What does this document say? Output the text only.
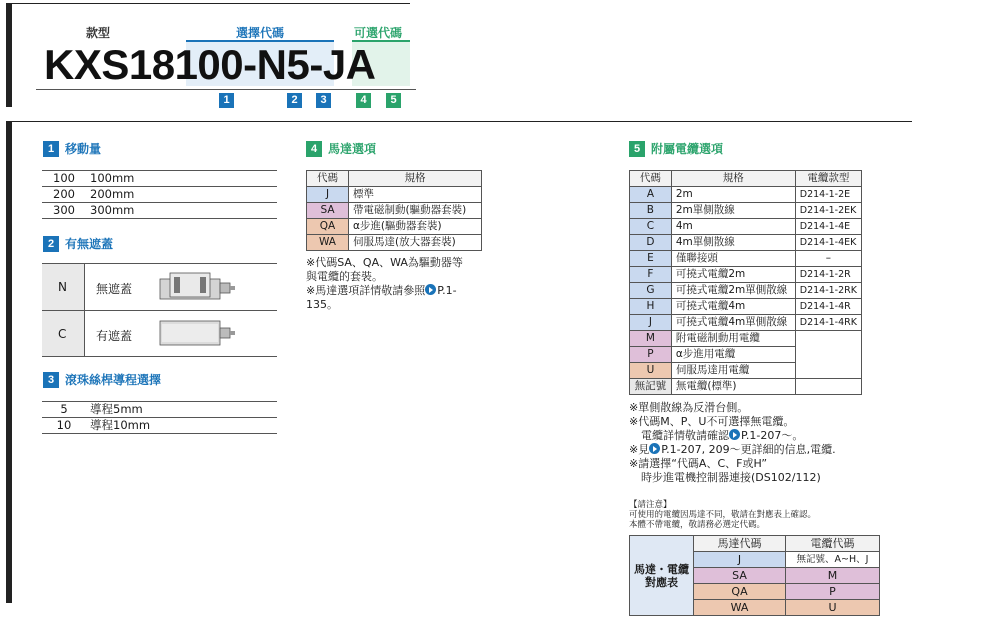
款型	選擇代碼	可選代碼
KXS18100-N5-JA
1	2	3	4	5
1 移動量
100	100mm
200	200mm
300	300mm
2 有無遮蓋
N 無遮蓋
C 有遮蓋
3 滾珠絲桿導程選擇
5	導程5mm
10	導程10mm
4 馬達選項
代碼	規格
J	標準
SA	帶電磁制動(驅動器套裝)
QA	α步進(驅動器套裝)
WA	伺服馬達(放大器套裝)
※代碼SA、QA、WA為驅動器等
與電纜的套裝。
※馬達選項詳情敬請參照 P.1-
135。
5 附屬電纜選項
代碼	規格	電纜款型
A	2m	D214-1-2E
B	2m單側散線	D214-1-2EK
C	4m	D214-1-4E
D	4m單側散線	D214-1-4EK
E	僅聯接頭	–
F	可撓式電纜2m	D214-1-2R
G	可撓式電纜2m單側散線	D214-1-2RK
H	可撓式電纜4m	D214-1-4R
J	可撓式電纜4m單側散線	D214-1-4RK
M	附電磁制動用電纜	
P	α步進用電纜	
U	伺服馬達用電纜	
無記號	無電纜(標準)	
※單側散線為反滑台側。
※代碼M、P、U不可選擇無電纜。
電纜詳情敬請確認 P.1-207～。
※見 P.1-207, 209～更詳細的信息,電纜.
※請選擇“代碼A、C、F或H”
時步進電機控制器連接(DS102/112)
【請注意】
可使用的電纜因馬達不同，敬請在對應表上確認。
本體不帶電纜，敬請務必選定代碼。
馬達・電纜對應表	馬達代碼	電纜代碼
	J	無記號、A~H、J
	SA	M
	QA	P
	WA	U
